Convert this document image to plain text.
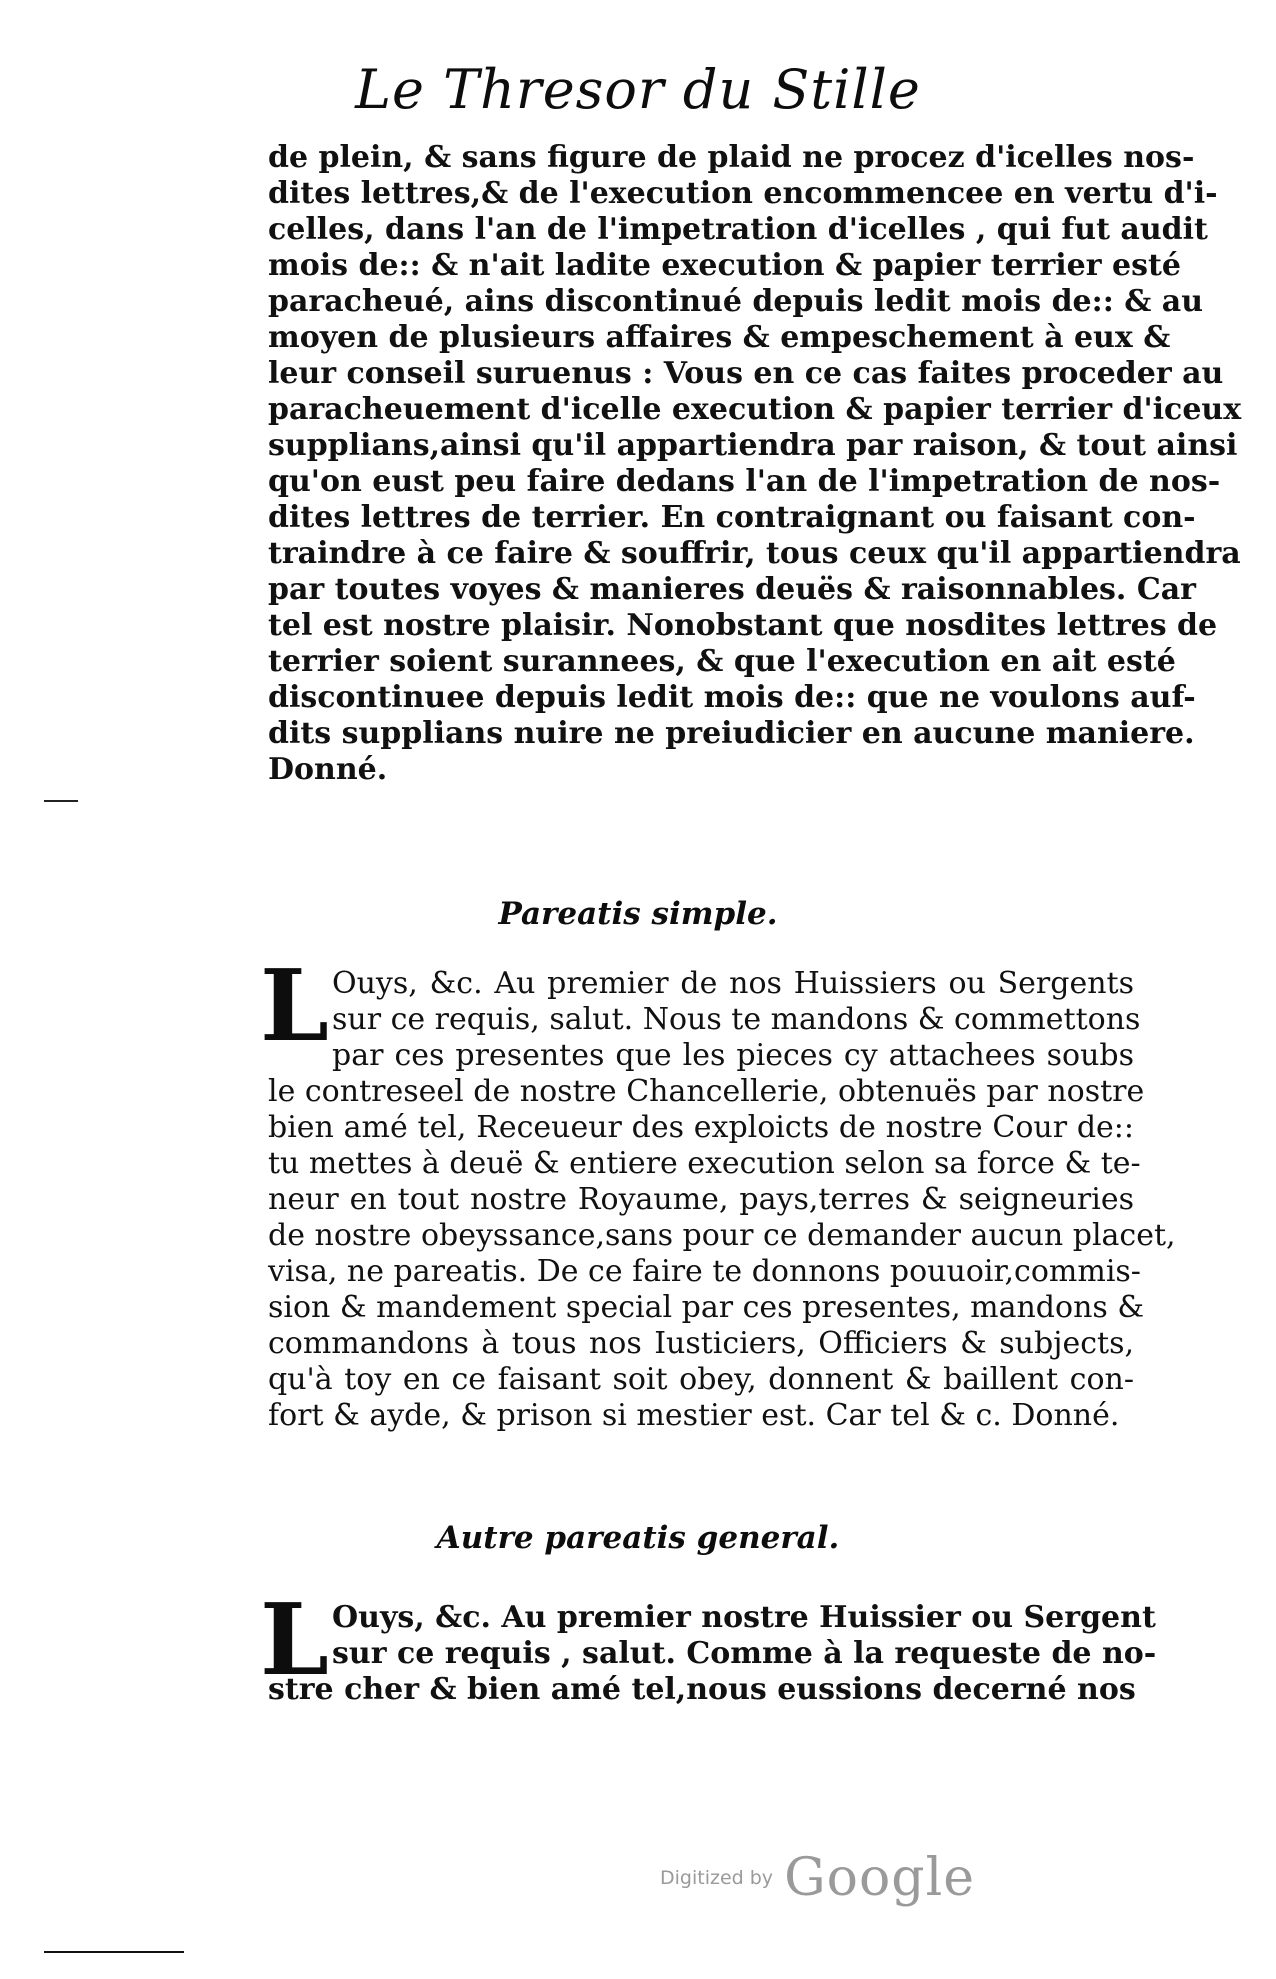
Le Thresor du Stille
de plein, & sans figure de plaid ne procez d'icelles nos-
dites lettres,& de l'execution encommencee en vertu d'i-
celles, dans l'an de l'impetration d'icelles , qui fut audit
mois de:: & n'ait ladite execution & papier terrier esté
paracheué, ains discontinué depuis ledit mois de:: & au
moyen de plusieurs affaires & empeschement à eux &
leur conseil suruenus : Vous en ce cas faites proceder au
paracheuement d'icelle execution & papier terrier d'iceux
supplians,ainsi qu'il appartiendra par raison, & tout ainsi
qu'on eust peu faire dedans l'an de l'impetration de nos-
dites lettres de terrier. En contraignant ou faisant con-
traindre à ce faire & souffrir, tous ceux qu'il appartiendra
par toutes voyes & manieres deuës & raisonnables. Car
tel est nostre plaisir. Nonobstant que nosdites lettres de
terrier soient surannees, & que l'execution en ait esté
discontinuee depuis ledit mois de:: que ne voulons auf-
dits supplians nuire ne preiudicier en aucune maniere.
Donné.
Pareatis simple.
L Ouys, &c. Au premier de nos Huissiers ou Sergents
sur ce requis, salut. Nous te mandons & commettons
par ces presentes que les pieces cy attachees soubs
le contreseel de nostre Chancellerie, obtenuës par nostre
bien amé tel, Receueur des exploicts de nostre Cour de::
tu mettes à deuë & entiere execution selon sa force & te-
neur en tout nostre Royaume, pays,terres & seigneuries
de nostre obeyssance,sans pour ce demander aucun placet,
visa, ne pareatis. De ce faire te donnons pouuoir,commis-
sion & mandement special par ces presentes, mandons &
commandons à tous nos Iusticiers, Officiers & subjects,
qu'à toy en ce faisant soit obey, donnent & baillent con-
fort & ayde, & prison si mestier est. Car tel & c. Donné.
Autre pareatis general.
L Ouys, &c. Au premier nostre Huissier ou Sergent
sur ce requis , salut. Comme à la requeste de no-
stre cher & bien amé tel,nous eussions decerné nos
Digitized by Google
